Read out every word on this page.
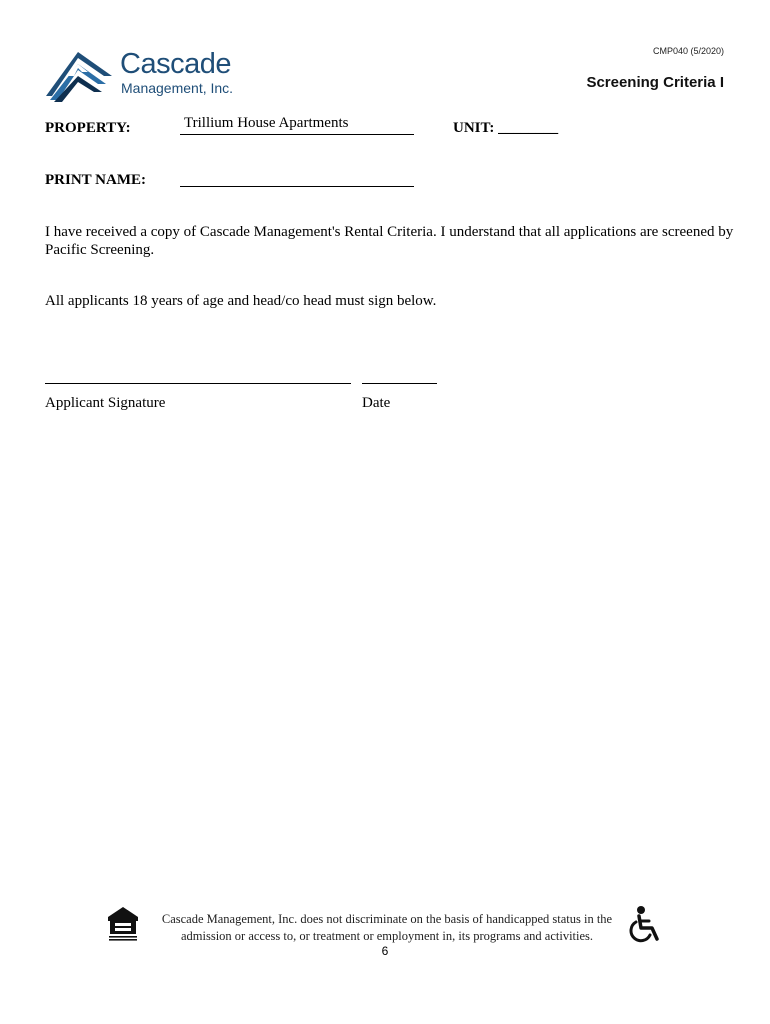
Cascade
Management, Inc.
CMP040 (5/2020)
Screening Criteria I
PROPERTY:	Trillium House Apartments	UNIT: ________
PRINT NAME:
I have received a copy of Cascade Management's Rental Criteria. I understand that all applications are screened by Pacific Screening.
All applicants 18 years of age and head/co head must sign below.
Applicant Signature	Date
Cascade Management, Inc. does not discriminate on the basis of handicapped status in the admission or access to, or treatment or employment in, its programs and activities.
6
